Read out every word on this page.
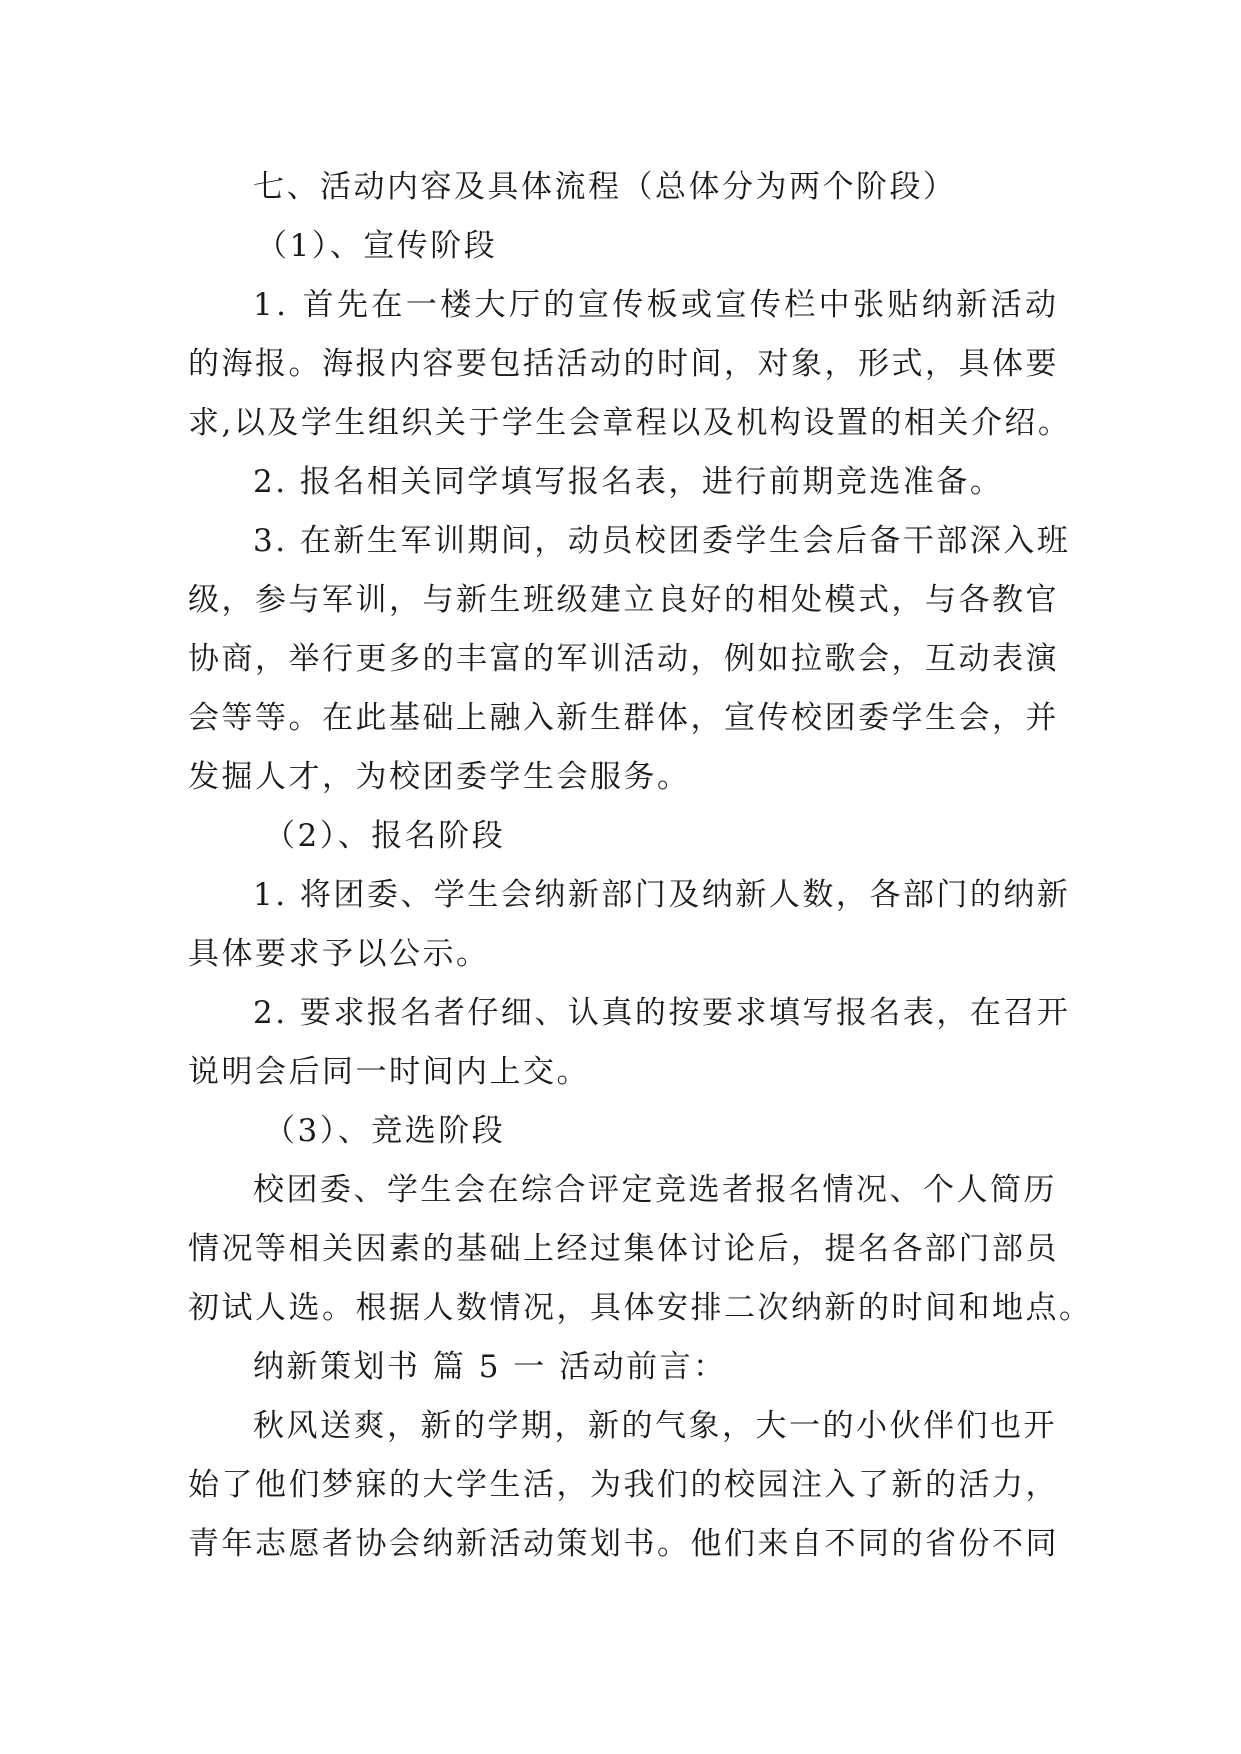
七、活动内容及具体流程（总体分为两个阶段）
（1）、宣传阶段
1. 首先在一楼大厅的宣传板或宣传栏中张贴纳新活动
的海报。海报内容要包括活动的时间，对象，形式，具体要
求,以及学生组织关于学生会章程以及机构设置的相关介绍。
2. 报名相关同学填写报名表，进行前期竞选准备。
3. 在新生军训期间，动员校团委学生会后备干部深入班
级，参与军训，与新生班级建立良好的相处模式，与各教官
协商，举行更多的丰富的军训活动，例如拉歌会，互动表演
会等等。在此基础上融入新生群体，宣传校团委学生会，并
发掘人才，为校团委学生会服务。
（2）、报名阶段
1. 将团委、学生会纳新部门及纳新人数，各部门的纳新
具体要求予以公示。
2. 要求报名者仔细、认真的按要求填写报名表，在召开
说明会后同一时间内上交。
（3）、竞选阶段
校团委、学生会在综合评定竞选者报名情况、个人简历
情况等相关因素的基础上经过集体讨论后，提名各部门部员
初试人选。根据人数情况，具体安排二次纳新的时间和地点。
纳新策划书 篇 5 一 活动前言：
秋风送爽，新的学期，新的气象，大一的小伙伴们也开
始了他们梦寐的大学生活，为我们的校园注入了新的活力，
青年志愿者协会纳新活动策划书。他们来自不同的省份不同
